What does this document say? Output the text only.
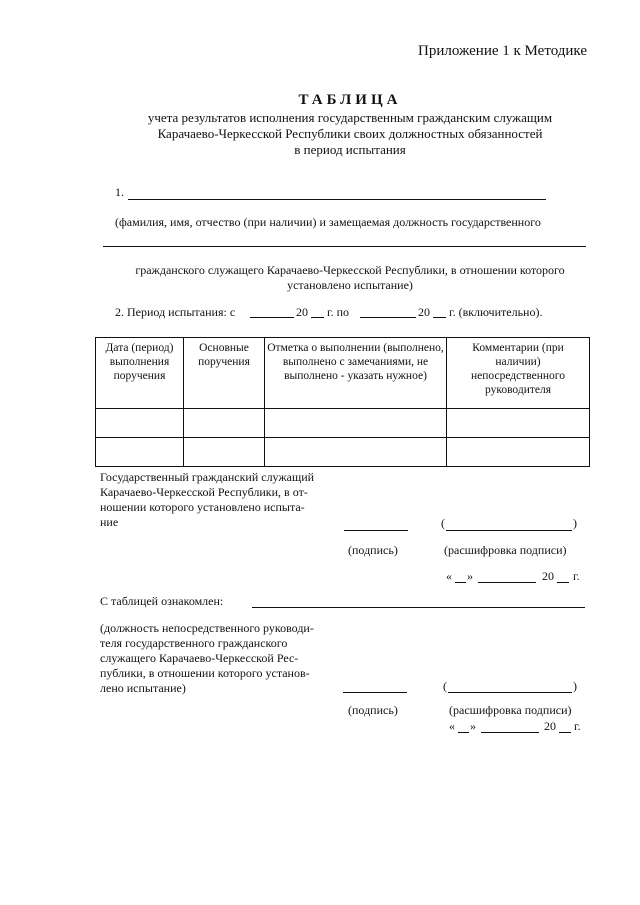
Приложение 1 к Методике
ТАБЛИЦА
учета результатов исполнения государственным гражданским служащим
Карачаево-Черкесской Республики своих должностных обязанностей
в период испытания
1.
(фамилия, имя, отчество (при наличии) и замещаемая должность государственного
гражданского служащего Карачаево-Черкесской Республики, в отношении которого
установлено испытание)
2. Период испытания: с	20 г. по	20 г. (включительно).
Дата (период) выполнения поручения	Основные поручения	Отметка о выполнении (выполнено, выполнено с замечаниями, не выполнено - указать нужное)	Комментарии (при наличии) непосредственного руководителя

Государственный гражданский служащий
Карачаево-Черкесской Республики, в от-
ношении которого установлено испыта-
ние	(	)
(подпись)	(расшифровка подписи)
« »	20 г.
С таблицей ознакомлен:
(должность непосредственного руководи-
теля государственного гражданского
служащего Карачаево-Черкесской Рес-
публики, в отношении которого установ-
лено испытание)	(	)
(подпись)	(расшифровка подписи)
« »	20 г.
